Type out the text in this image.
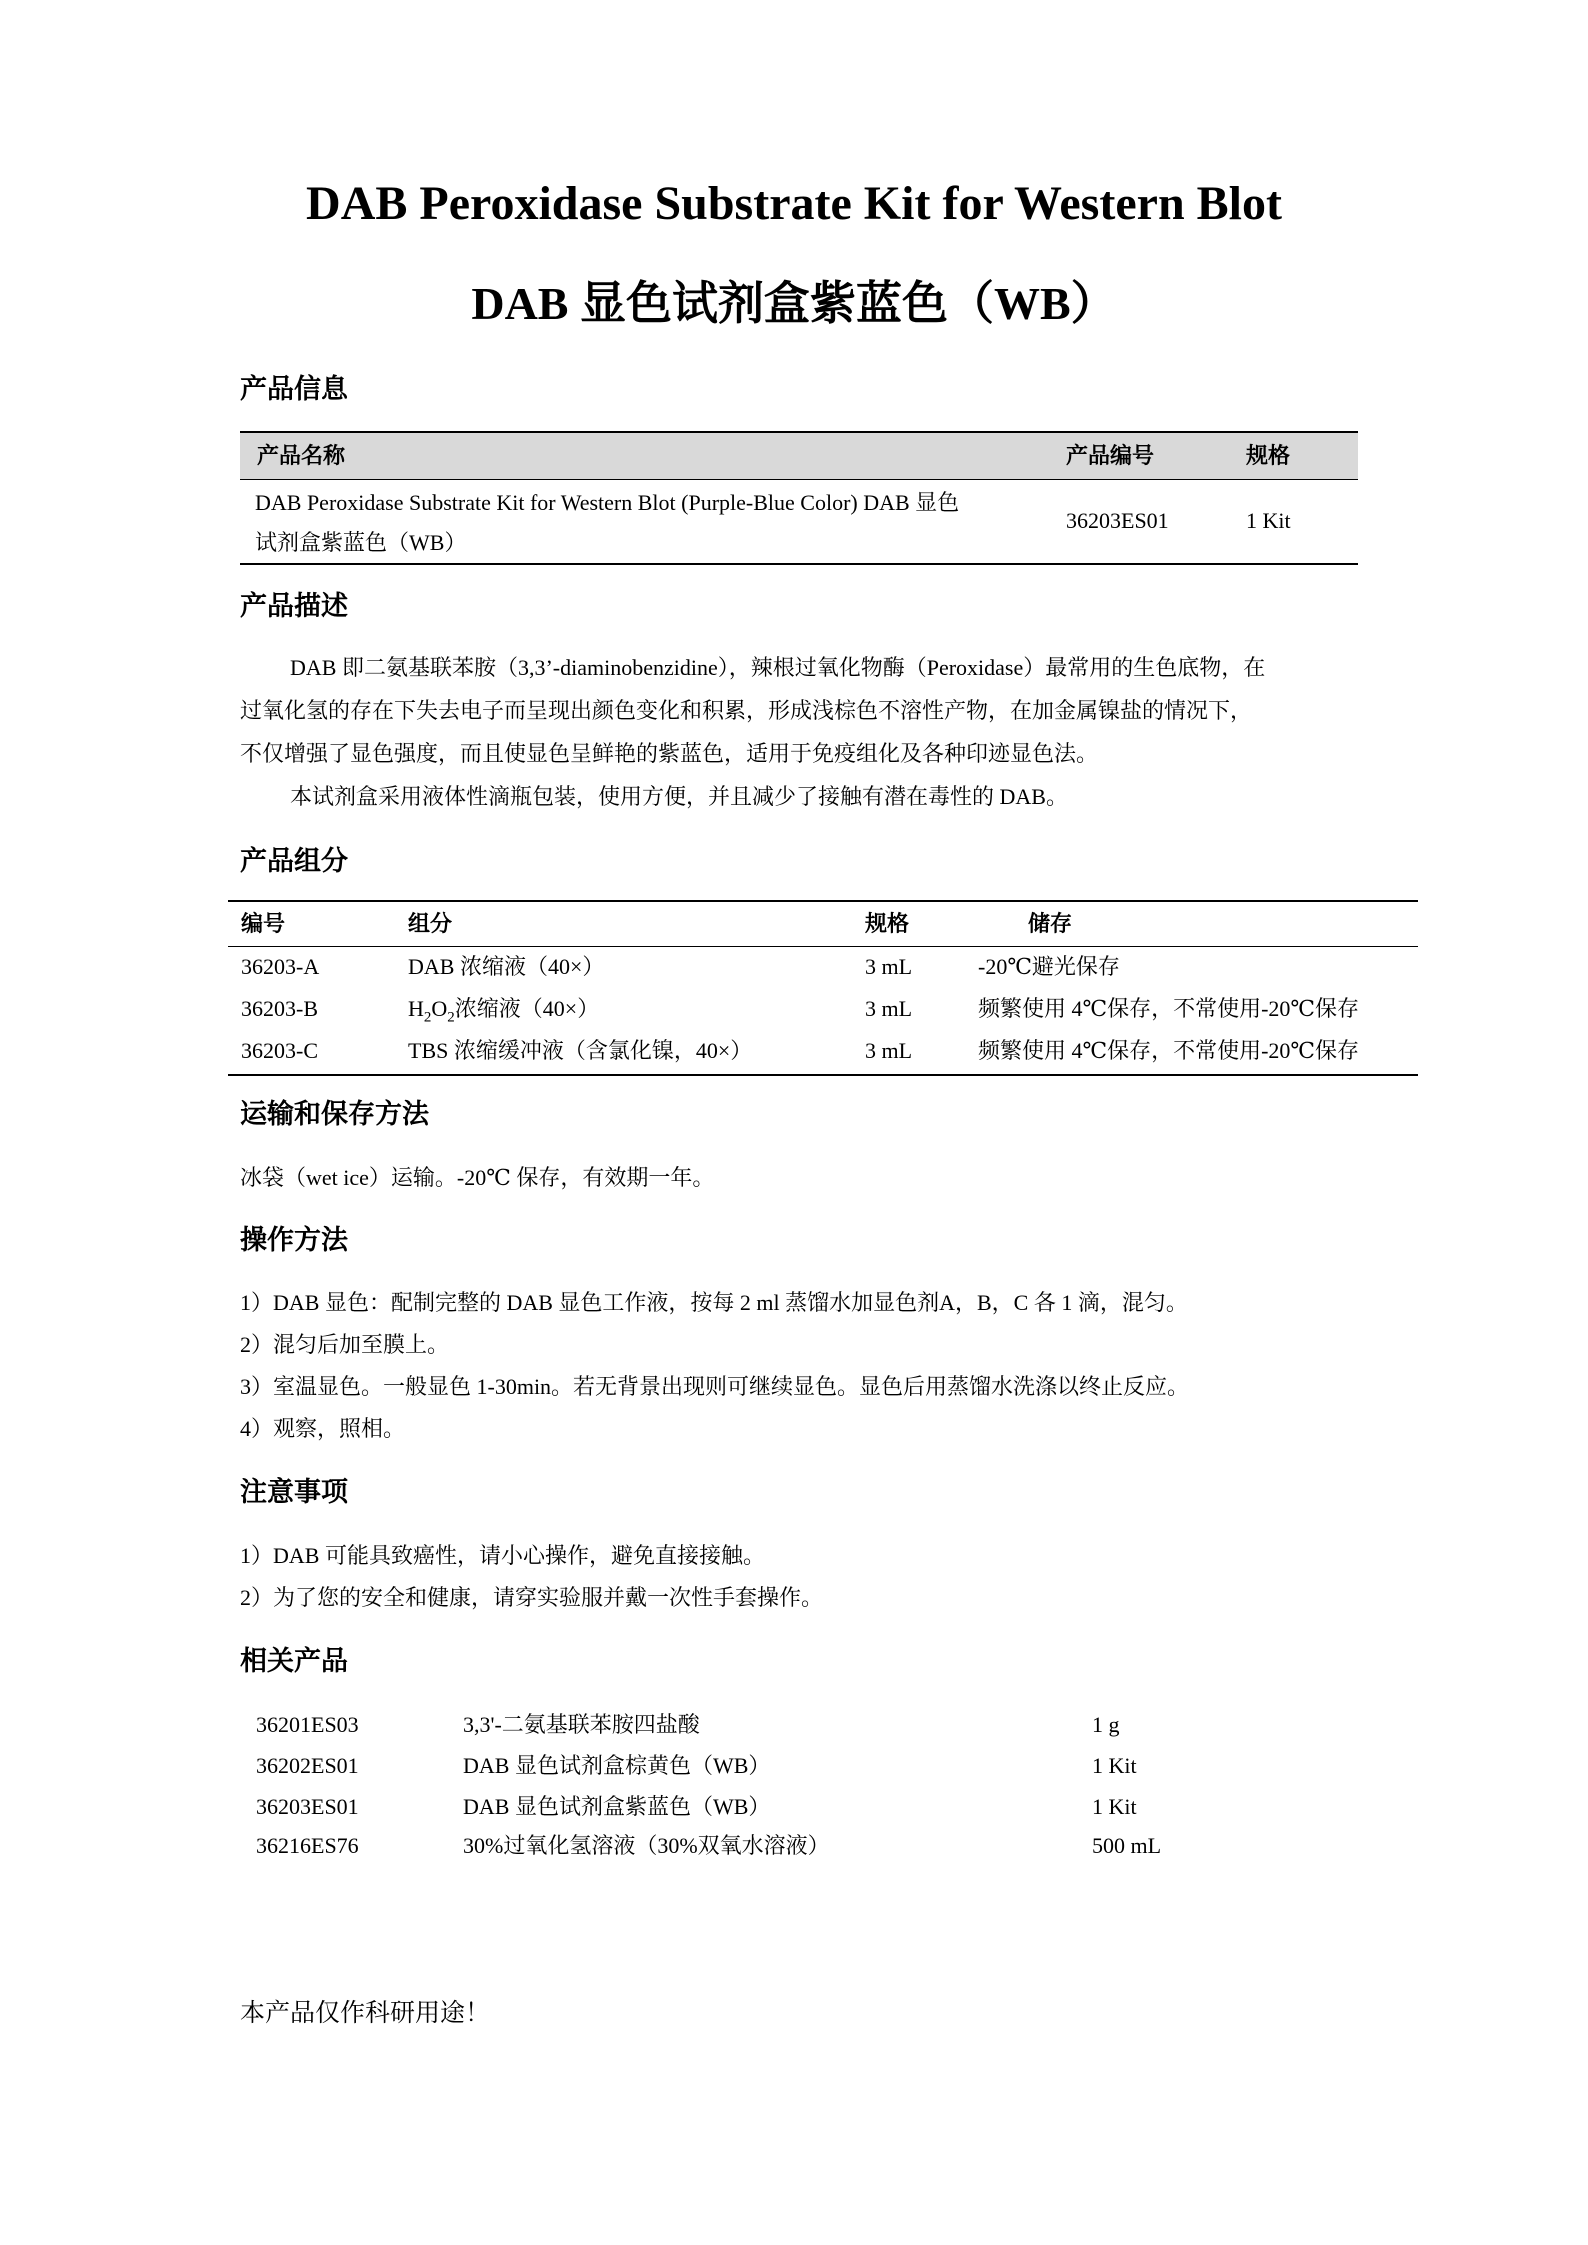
DAB Peroxidase Substrate Kit for Western Blot
DAB 显色试剂盒紫蓝色（WB）
产品信息
产品名称	产品编号	规格
DAB Peroxidase Substrate Kit for Western Blot (Purple-Blue Color) DAB 显色
试剂盒紫蓝色（WB）
36203ES01	1 Kit
产品描述
DAB 即二氨基联苯胺（3,3’-diaminobenzidine），辣根过氧化物酶（Peroxidase）最常用的生色底物，在
过氧化氢的存在下失去电子而呈现出颜色变化和积累，形成浅棕色不溶性产物，在加金属镍盐的情况下，
不仅增强了显色强度，而且使显色呈鲜艳的紫蓝色，适用于免疫组化及各种印迹显色法。
本试剂盒采用液体性滴瓶包装，使用方便，并且减少了接触有潜在毒性的 DAB。
产品组分
编号	组分	规格	储存
36203-A	DAB 浓缩液（40×）	3 mL	-20℃避光保存
36203-B	$H_2O_2$浓缩液（40×）	3 mL	频繁使用 4℃保存，不常使用-20℃保存
36203-C	TBS 浓缩缓冲液（含氯化镍，40×）	3 mL	频繁使用 4℃保存，不常使用-20℃保存
运输和保存方法
冰袋（wet ice）运输。-20℃ 保存，有效期一年。
操作方法
1）DAB 显色：配制完整的 DAB 显色工作液，按每 2 ml 蒸馏水加显色剂A，B，C 各 1 滴，混匀。
2）混匀后加至膜上。
3）室温显色。一般显色 1-30min。若无背景出现则可继续显色。显色后用蒸馏水洗涤以终止反应。
4）观察，照相。
注意事项
1）DAB 可能具致癌性，请小心操作，避免直接接触。
2）为了您的安全和健康，请穿实验服并戴一次性手套操作。
相关产品
36201ES03	3,3'-二氨基联苯胺四盐酸	1 g
36202ES01	DAB 显色试剂盒棕黄色（WB）	1 Kit
36203ES01	DAB 显色试剂盒紫蓝色（WB）	1 Kit
36216ES76	30%过氧化氢溶液（30%双氧水溶液）	500 mL
本产品仅作科研用途！
